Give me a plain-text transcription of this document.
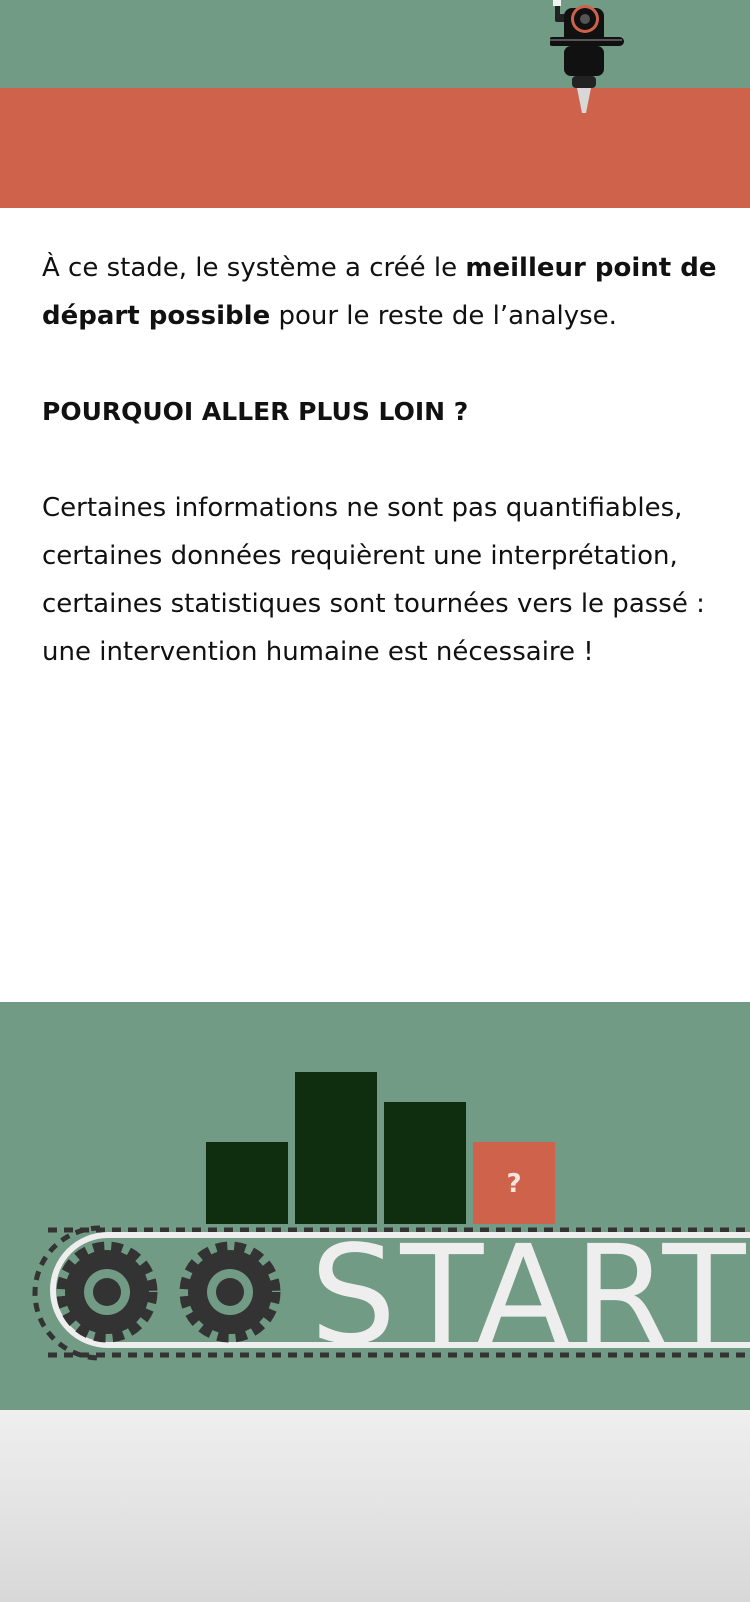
À ce stade, le système a créé le meilleur point de départ possible pour le reste de l’analyse.

POURQUOI ALLER PLUS LOIN ?

Certaines informations ne sont pas quantifiables, certaines données requièrent une interprétation, certaines statistiques sont tournées vers le passé : une intervention humaine est nécessaire !

?
START
